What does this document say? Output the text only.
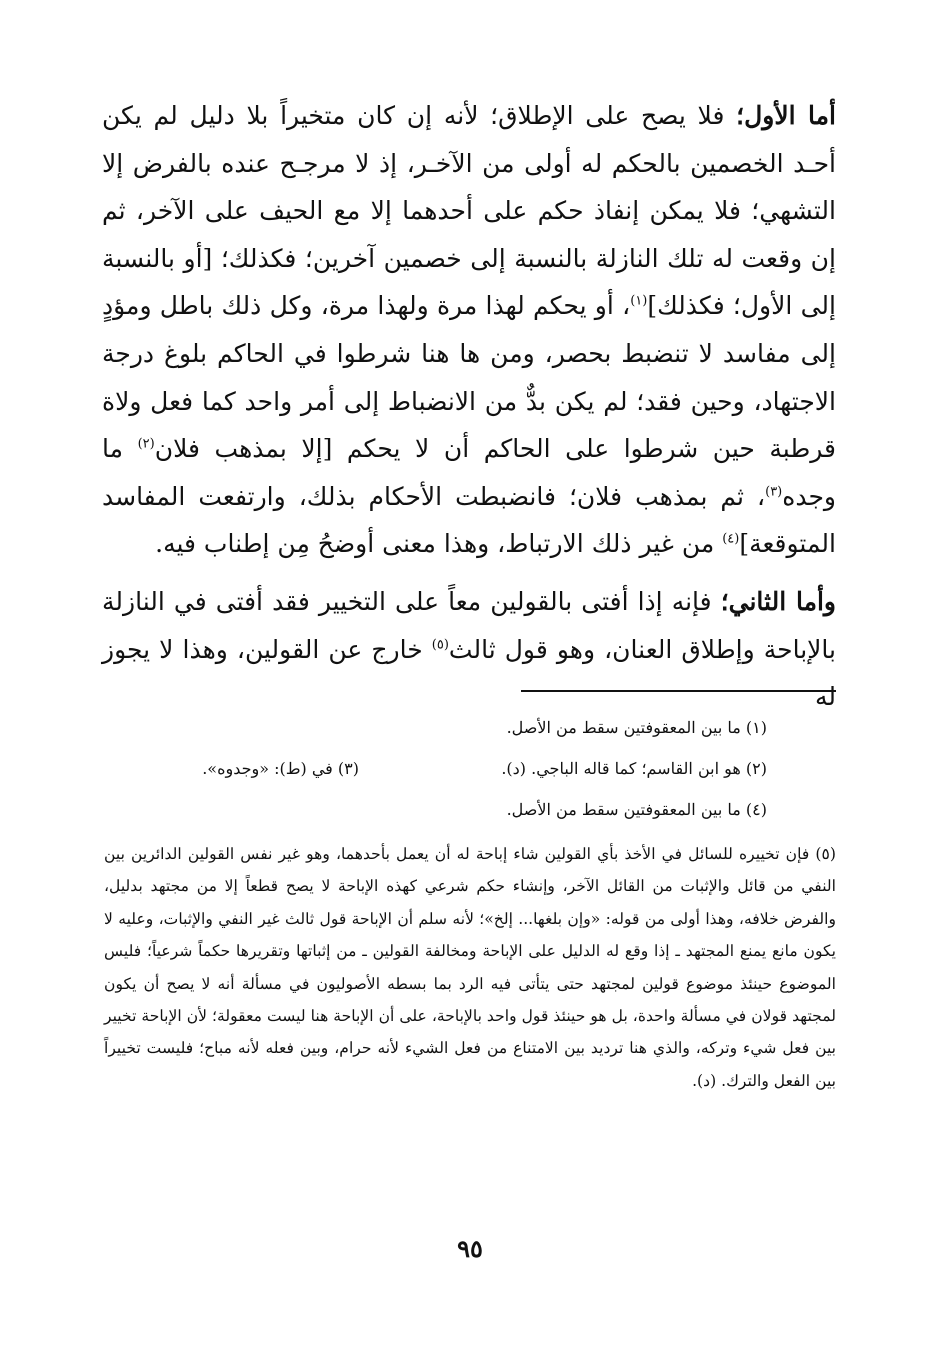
أما الأول؛ فلا يصح على الإطلاق؛ لأنه إن كان متخيراً بلا دليل لم يكن أحـد الخصمين بالحكم له أولى من الآخـر، إذ لا مرجـح عنده بالفرض إلا التشهي؛ فلا يمكن إنفاذ حكم على أحدهما إلا مع الحيف على الآخر، ثم إن وقعت له تلك النازلة بالنسبة إلى خصمين آخرين؛ فكذلك؛ [أو بالنسبة إلى الأول؛ فكذلك]$^{(١)}$، أو يحكم لهذا مرة ولهذا مرة، وكل ذلك باطل ومؤدٍ إلى مفاسد لا تنضبط بحصر، ومن ها هنا شرطوا في الحاكم بلوغ درجة الاجتهاد، وحين فقد؛ لم يكن بدٌّ من الانضباط إلى أمر واحد كما فعل ولاة قرطبة حين شرطوا على الحاكم أن لا يحكم [إلا بمذهب فلان$^{(٢)}$ ما وجده$^{(٣)}$، ثم بمذهب فلان؛ فانضبطت الأحكام بذلك، وارتفعت المفاسد المتوقعة]$^{(٤)}$ من غير ذلك الارتباط، وهذا معنى أوضحُ مِن إطناب فيه.

وأما الثاني؛ فإنه إذا أفتى بالقولين معاً على التخيير فقد أفتى في النازلة بالإباحة وإطلاق العنان، وهو قول ثالث$^{(٥)}$ خارج عن القولين، وهذا لا يجوز له

(١) ما بين المعقوفتين سقط من الأصل.
(٢) هو ابن القاسم؛ كما قاله الباجي. (د).
(٣) في (ط): «وجدوه».
(٤) ما بين المعقوفتين سقط من الأصل.

(٥) فإن تخييره للسائل في الأخذ بأي القولين شاء إباحة له أن يعمل بأحدهما، وهو غير نفس القولين الدائرين بين النفي من قائل والإثبات من القائل الآخر، وإنشاء حكم شرعي كهذه الإباحة لا يصح قطعاً إلا من مجتهد بدليل، والفرض خلافه، وهذا أولى من قوله: «وإن بلغها... إلخ»؛ لأنه سلم أن الإباحة قول ثالث غير النفي والإثبات، وعليه لا يكون مانع يمنع المجتهد ـ إذا وقع له الدليل على الإباحة ومخالفة القولين ـ من إثباتها وتقريرها حكماً شرعياً؛ فليس الموضوع حينئذ موضوع قولين لمجتهد حتى يتأتى فيه الرد بما بسطه الأصوليون في مسألة أنه لا يصح أن يكون لمجتهد قولان في مسألة واحدة، بل هو حينئذ قول واحد بالإباحة، على أن الإباحة هنا ليست معقولة؛ لأن الإباحة تخيير بين فعل شيء وتركه، والذي هنا ترديد بين الامتناع من فعل الشيء لأنه حرام، وبين فعله لأنه مباح؛ فليست تخييراً بين الفعل والترك. (د).

٩٥
